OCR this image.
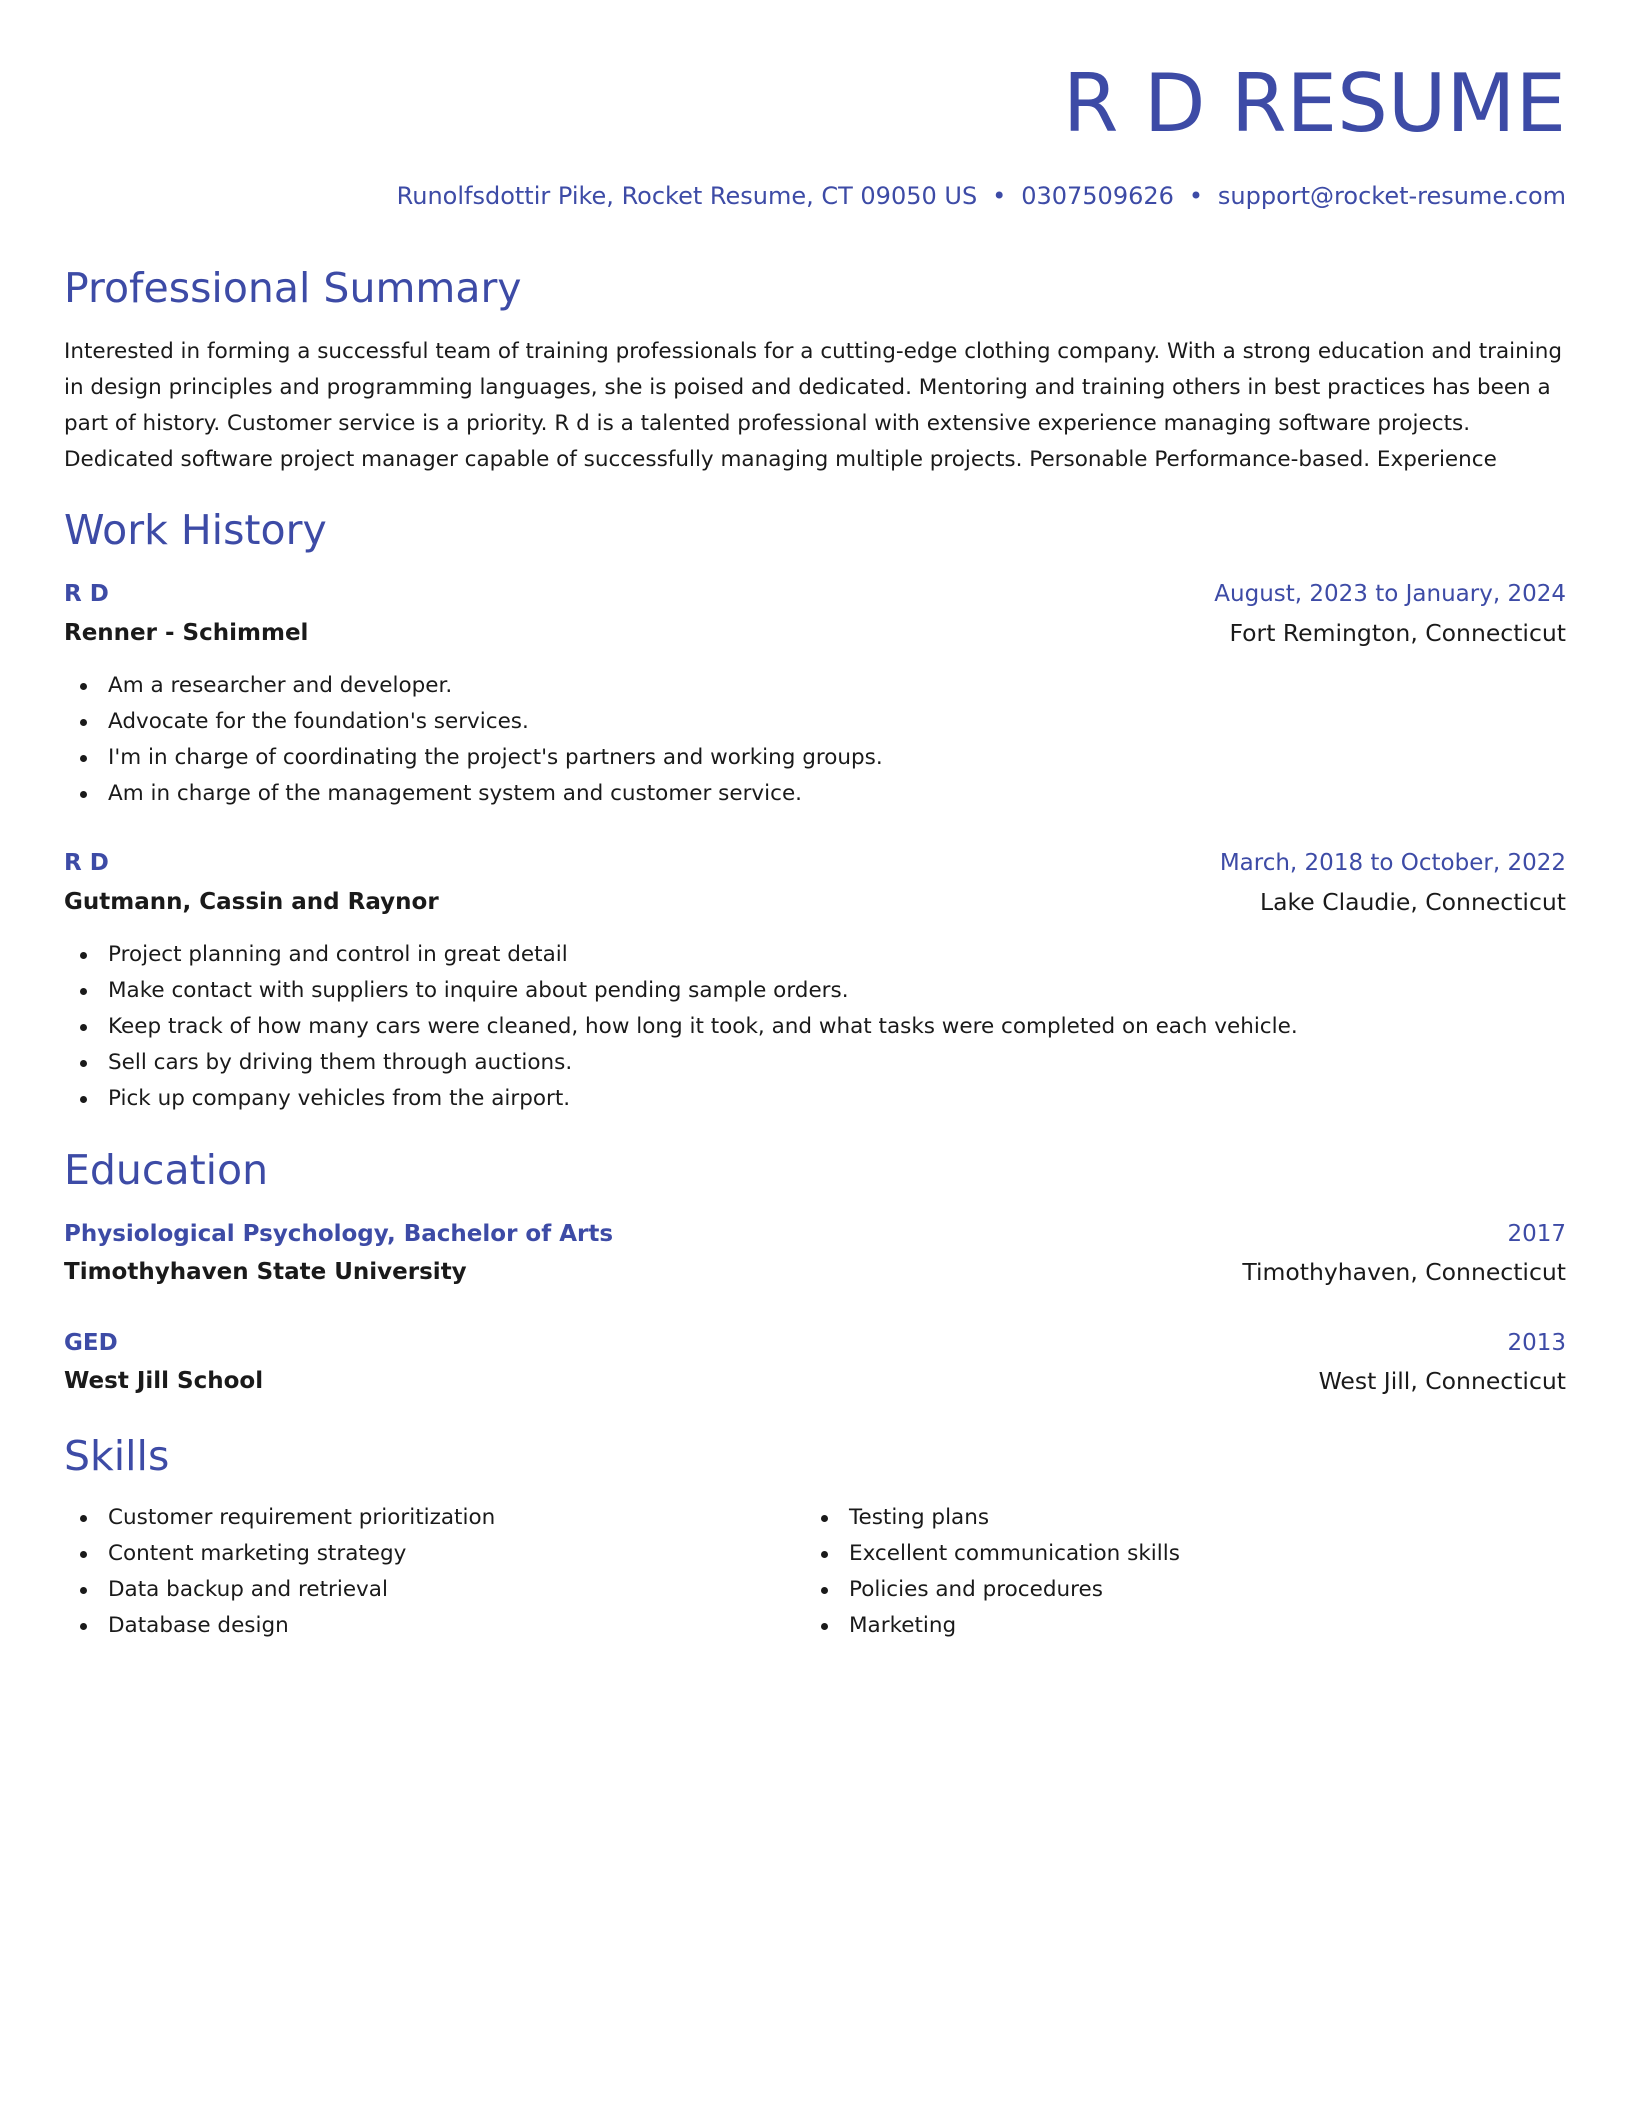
R D RESUME
Runolfsdottir Pike, Rocket Resume, CT 09050 US • 0307509626 • support@rocket-resume.com
Professional Summary

Interested in forming a successful team of training professionals for a cutting-edge clothing company. With a strong education and training in design principles and programming languages, she is poised and dedicated. Mentoring and training others in best practices has been a part of history. Customer service is a priority. R d is a talented professional with extensive experience managing software projects. Dedicated software project manager capable of successfully managing multiple projects. Personable Performance-based. Experience

Work History
R D	August, 2023 to January, 2024
Renner - Schimmel	Fort Remington, Connecticut
Am a researcher and developer.
Advocate for the foundation's services.
I'm in charge of coordinating the project's partners and working groups.
Am in charge of the management system and customer service.
R D	March, 2018 to October, 2022
Gutmann, Cassin and Raynor	Lake Claudie, Connecticut
Project planning and control in great detail
Make contact with suppliers to inquire about pending sample orders.
Keep track of how many cars were cleaned, how long it took, and what tasks were completed on each vehicle.
Sell cars by driving them through auctions.
Pick up company vehicles from the airport.
Education
Physiological Psychology, Bachelor of Arts	2017
Timothyhaven State University	Timothyhaven, Connecticut
GED	2013
West Jill School	West Jill, Connecticut
Skills
Customer requirement prioritization
Content marketing strategy
Data backup and retrieval
Database design
Testing plans
Excellent communication skills
Policies and procedures
Marketing
